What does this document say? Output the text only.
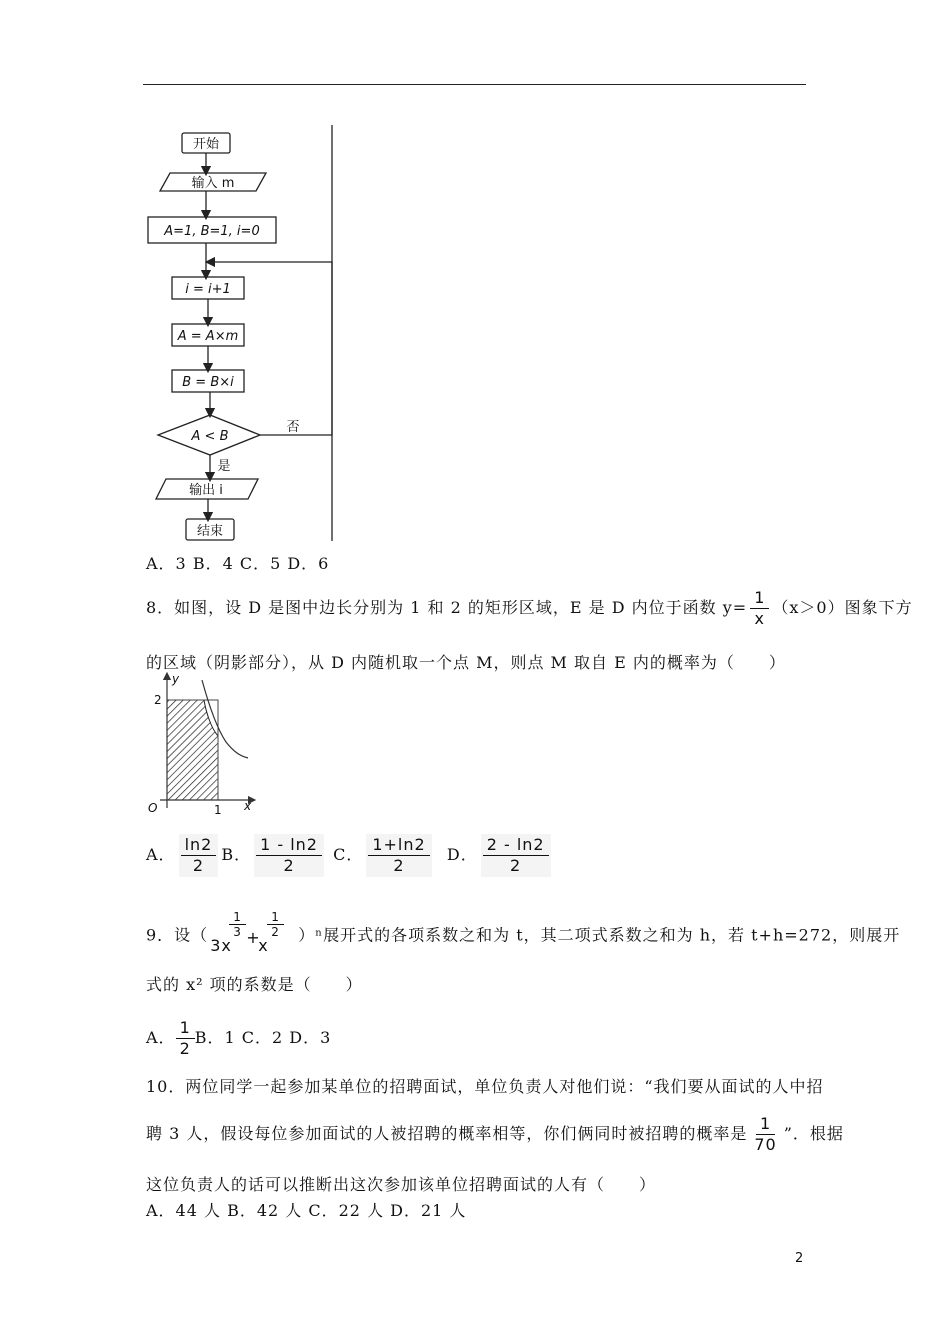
开始
输入 m
A=1, B=1, i=0
i = i+1
A = A×m
B = B×i
A < B
否
是
输出 i
结束
A．3 B．4 C．5 D．6
8．如图，设 D 是图中边长分别为 1 和 2 的矩形区域，E 是 D 内位于函数 $y= \frac{1}{x} (x>0)$图象下方
的区域（阴影部分），从 D 内随机取一个点 M，则点 M 取自 E 内的概率为（　　）
y
x
O	1
2
A． $\frac{\ln 2}{2}$ B． $\frac{1 - \ln 2}{2}$ C． $\frac{1+\ln 2}{2}$ D． $\frac{2 - \ln 2}{2}$
9．设（
3x
$\frac{1}{3}$ +
x
$\frac{1}{2} )^n$展开式的各项系数之和为 t，其二项式系数之和为 h，若 t+h=272，则展开
式的 x² 项的系数是（　　）
A． $\frac{1}{2}$ B．1 C．2 D．3
10．两位同学一起参加某单位的招聘面试，单位负责人对他们说：“我们要从面试的人中招
聘 3 人，假设每位参加面试的人被招聘的概率相等，你们俩同时被招聘的概率是 $\frac{1}{70}$ ”．根据
这位负责人的话可以推断出这次参加该单位招聘面试的人有（　　）
A．44 人 B．42 人 C．22 人 D．21 人
2
